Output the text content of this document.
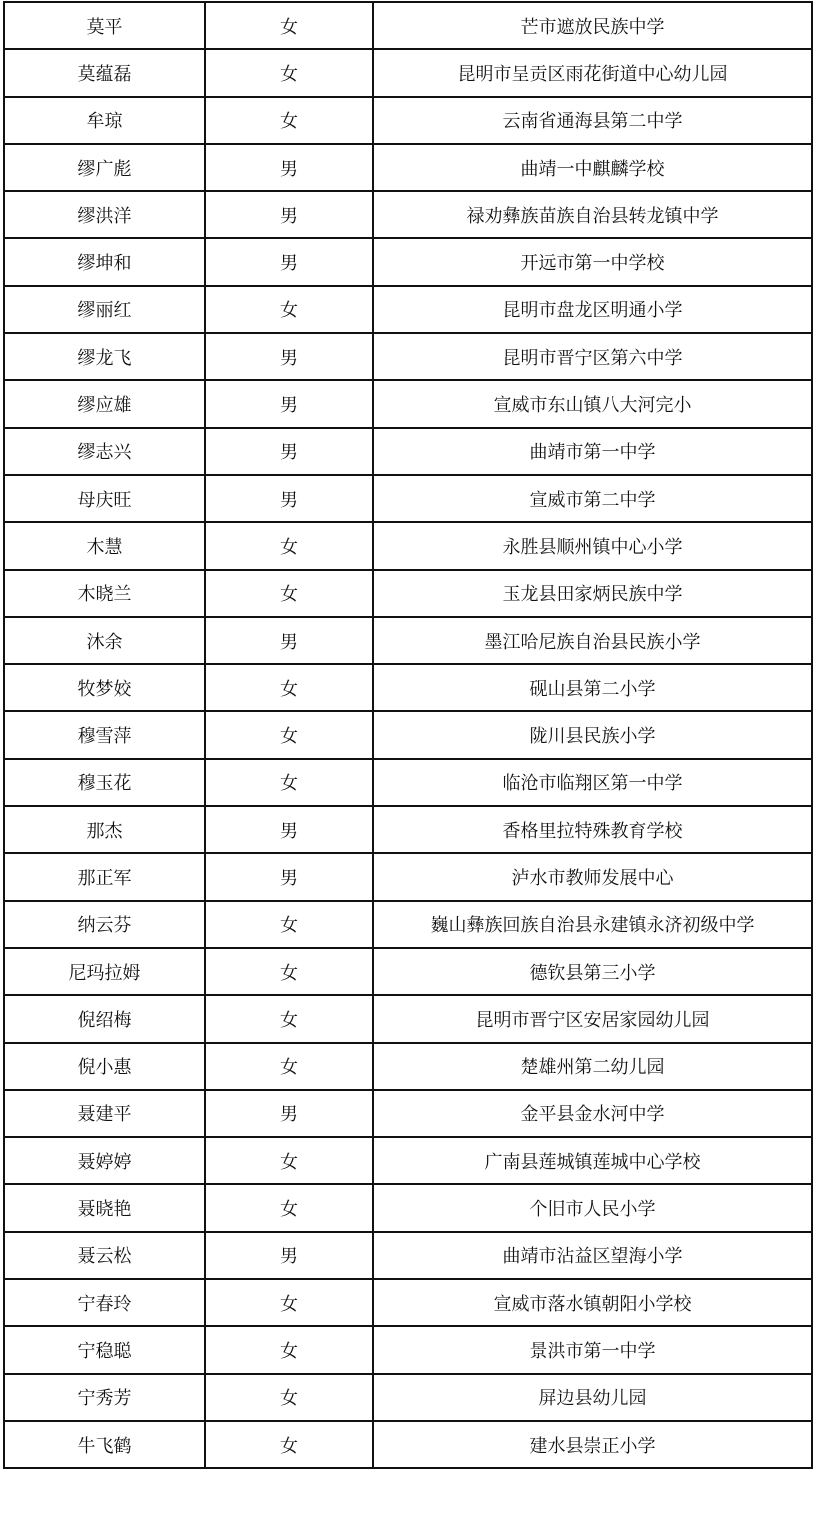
莫平	女	芒市遮放民族中学
莫蕴磊	女	昆明市呈贡区雨花街道中心幼儿园
牟琼	女	云南省通海县第二中学
缪广彪	男	曲靖一中麒麟学校
缪洪洋	男	禄劝彝族苗族自治县转龙镇中学
缪坤和	男	开远市第一中学校
缪丽红	女	昆明市盘龙区明通小学
缪龙飞	男	昆明市晋宁区第六中学
缪应雄	男	宣威市东山镇八大河完小
缪志兴	男	曲靖市第一中学
母庆旺	男	宣威市第二中学
木慧	女	永胜县顺州镇中心小学
木晓兰	女	玉龙县田家炳民族中学
沐余	男	墨江哈尼族自治县民族小学
牧梦姣	女	砚山县第二小学
穆雪萍	女	陇川县民族小学
穆玉花	女	临沧市临翔区第一中学
那杰	男	香格里拉特殊教育学校
那正军	男	泸水市教师发展中心
纳云芬	女	巍山彝族回族自治县永建镇永济初级中学
尼玛拉姆	女	德钦县第三小学
倪绍梅	女	昆明市晋宁区安居家园幼儿园
倪小惠	女	楚雄州第二幼儿园
聂建平	男	金平县金水河中学
聂婷婷	女	广南县莲城镇莲城中心学校
聂晓艳	女	个旧市人民小学
聂云松	男	曲靖市沾益区望海小学
宁春玲	女	宣威市落水镇朝阳小学校
宁稳聪	女	景洪市第一中学
宁秀芳	女	屏边县幼儿园
牛飞鹤	女	建水县崇正小学
